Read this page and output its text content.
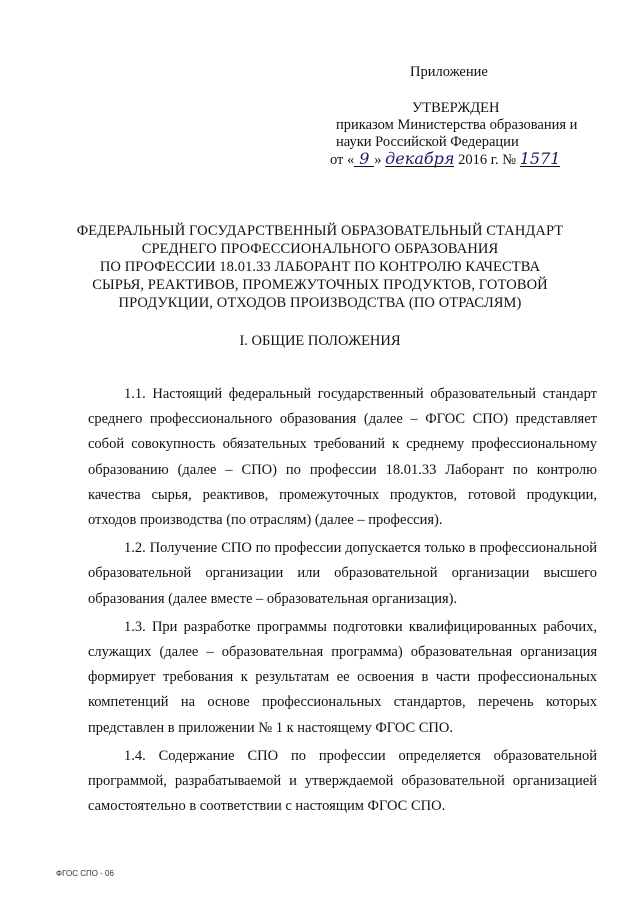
Приложение
УТВЕРЖДЕН
приказом Министерства образования и
науки Российской Федерации
от « 9 » декабря 2016 г. № 1571
ФЕДЕРАЛЬНЫЙ ГОСУДАРСТВЕННЫЙ ОБРАЗОВАТЕЛЬНЫЙ СТАНДАРТ
СРЕДНЕГО ПРОФЕССИОНАЛЬНОГО ОБРАЗОВАНИЯ
ПО ПРОФЕССИИ 18.01.33 ЛАБОРАНТ ПО КОНТРОЛЮ КАЧЕСТВА
СЫРЬЯ, РЕАКТИВОВ, ПРОМЕЖУТОЧНЫХ ПРОДУКТОВ, ГОТОВОЙ
ПРОДУКЦИИ, ОТХОДОВ ПРОИЗВОДСТВА (ПО ОТРАСЛЯМ)
I. ОБЩИЕ ПОЛОЖЕНИЯ

1.1. Настоящий федеральный государственный образовательный стандарт среднего профессионального образования (далее – ФГОС СПО) представляет собой совокупность обязательных требований к среднему профессиональному образованию (далее – СПО) по профессии 18.01.33 Лаборант по контролю качества сырья, реактивов, промежуточных продуктов, готовой продукции, отходов производства (по отраслям) (далее – профессия).

1.2. Получение СПО по профессии допускается только в профессиональной образовательной организации или образовательной организации высшего образования (далее вместе – образовательная организация).

1.3. При разработке программы подготовки квалифицированных рабочих, служащих (далее – образовательная программа) образовательная организация формирует требования к результатам ее освоения в части профессиональных компетенций на основе профессиональных стандартов, перечень которых представлен в приложении № 1 к настоящему ФГОС СПО.

1.4. Содержание СПО по профессии определяется образовательной программой, разрабатываемой и утверждаемой образовательной организацией самостоятельно в соответствии с настоящим ФГОС СПО.

ФГОС СПО - 06
